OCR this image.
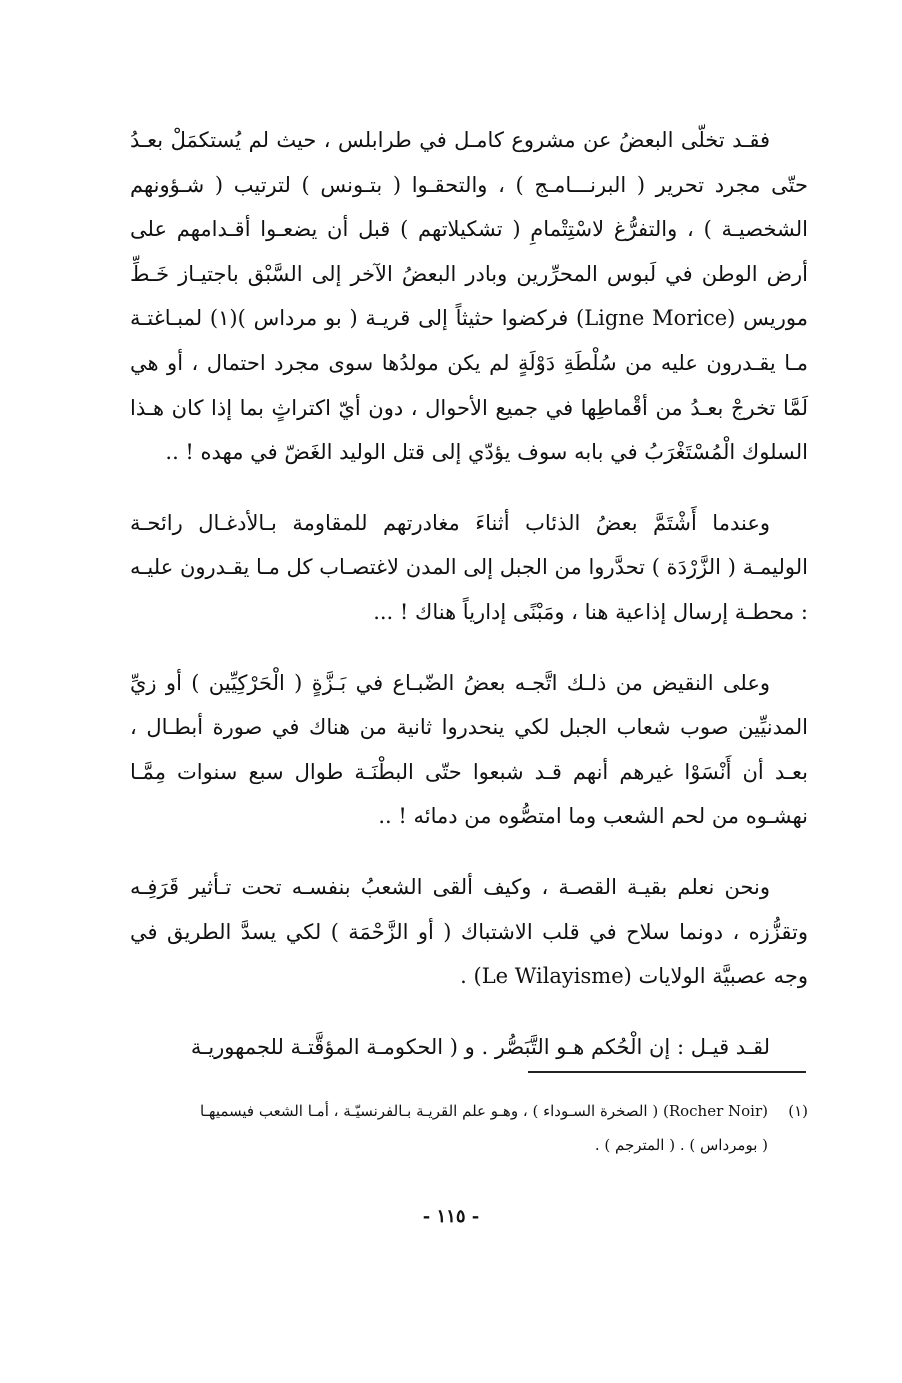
فقـد تخلّى البعضُ عن مشروع كامـل في طرابلس ، حيث لم يُستكمَلْ بعـدُ حتّى مجرد تحرير ( البرنـــامـج ) ، والتحقـوا ( بتـونس ) لترتيب ( شـؤونهم الشخصيـة ) ، والتفرُّغ لاسْتِتْمامِ ( تشكيلاتهم ) قبل أن يضعـوا أقـدامهم على أرض الوطن في لَبوس المحرِّرين وبادر البعضُ الآخر إلى السَّبْق باجتيـاز خَـطِّ موريس (Ligne Morice) فركضوا حثيثاً إلى قريـة ( بو مرداس )(١) لمبـاغتـة مـا يقـدرون عليه من سُلْطَةِ دَوْلَةٍ لم يكن مولدُها سوى مجرد احتمال ، أو هي لَمَّا تخرجْ بعـدُ من أقْماطِها في جميع الأحوال ، دون أيّ اكتراثٍ بما إذا كان هـذا السلوك الْمُسْتَغْرَبُ في بابه سوف يؤدّي إلى قتل الوليد الغَضّ في مهده ! ..

وعندما أَشْتَمَّ بعضُ الذئاب أثناءَ مغادرتهم للمقاومة بـالأدغـال رائحـة الوليمـة ( الزَّرْدَة ) تحدَّروا من الجبل إلى المدن لاغتصـاب كل مـا يقـدرون عليـه : محطـة إرسال إذاعية هنا ، ومَبْنًى إدارياً هناك ! ...

وعلى النقيض من ذلـك اتَّجـه بعضُ الضّبـاع في بَـزَّةٍ ( الْحَرْكِيِّين ) أو زيِّ المدنيِّين صوب شعاب الجبل لكي ينحدروا ثانية من هناك في صورة أبطـال ، بعـد أن أَنْسَوْا غيرهم أنهم قـد شبعوا حتّى البطْنَـة طوال سبع سنوات مِمَّـا نهشـوه من لحم الشعب وما امتصُّوه من دمائه ! ..

ونحن نعلم بقيـة القصـة ، وكيف ألقى الشعبُ بنفسـه تحت تـأثير قَرَفِـه وتقزُّزه ، دونما سلاح في قلب الاشتباك ( أو الزَّحْمَة ) لكي يسدَّ الطريق في وجه عصبيَّة الولايات (Le Wilayisme) .

لقـد قيـل : إن الْحُكم هـو التَّبَصُّر . و ( الحكومـة المؤقَّتـة للجمهوريـة

(١)(Rocher Noir) ( الصخرة السـوداء ) ، وهـو علم القريـة بـالفرنسيّـة ، أمـا الشعب فيسميهـا
( بومرداس ) . ( المترجم ) .
- ١١٥ -
